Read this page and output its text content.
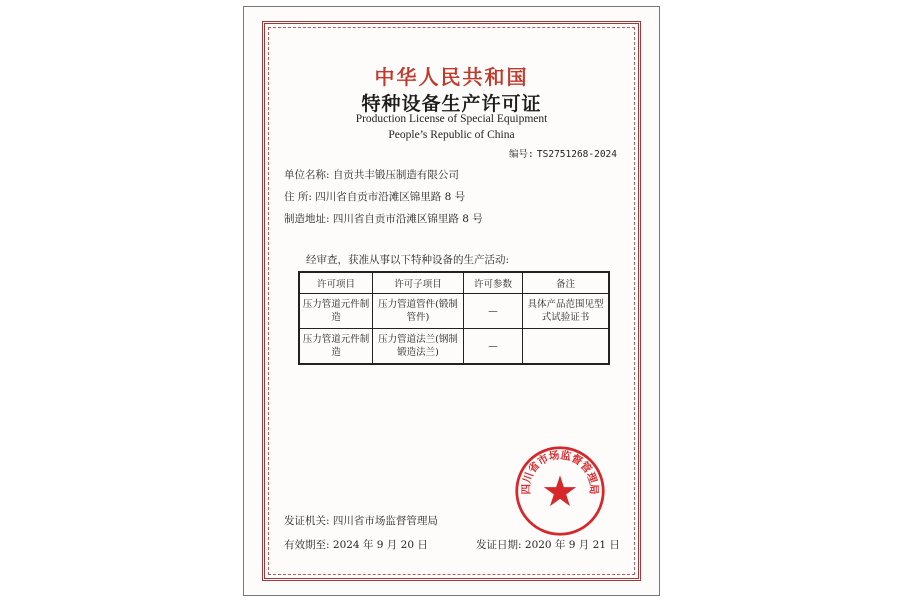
中华人民共和国
特种设备生产许可证
Production License of Special Equipment
People’s Republic of China
编号: TS2751268-2024
单位名称: 自贡共丰锻压制造有限公司
住 所: 四川省自贡市沿滩区锦里路 8 号
制造地址: 四川省自贡市沿滩区锦里路 8 号
经审查，获准从事以下特种设备的生产活动:
许可项目	许可子项目	许可参数	备注
压力管道元件制造	压力管道管件(锻制管件)	—	具体产品范围见型式试验证书
压力管道元件制造	压力管道法兰(钢制锻造法兰)	—	
四川省市场监督管理局
发证机关: 四川省市场监督管理局
有效期至: 2024 年 9 月 20 日	发证日期: 2020 年 9 月 21 日
